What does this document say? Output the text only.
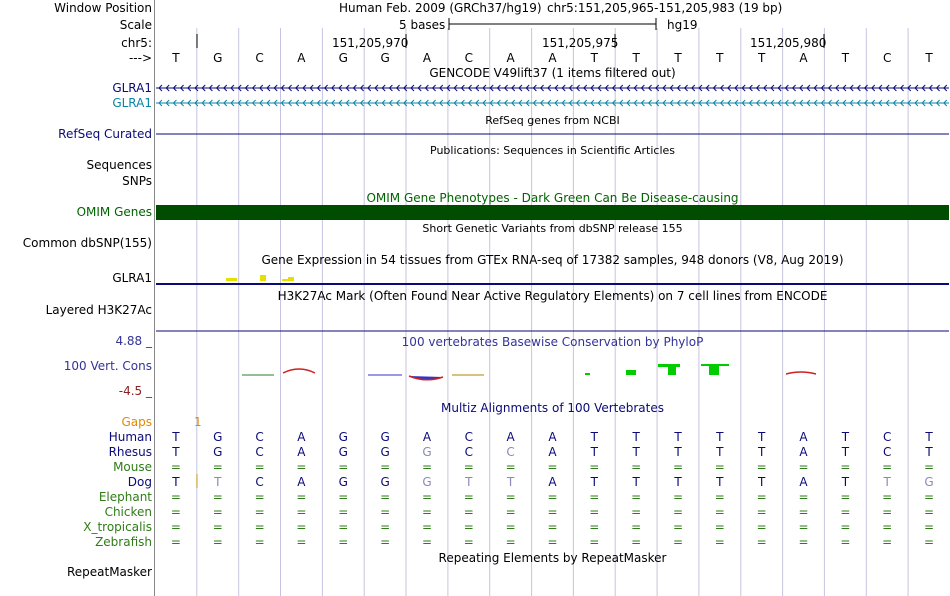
Window Position	Human Feb. 2009 (GRCh37/hg19) chr5:151,205,965-151,205,983 (19 bp)
Scale	5 bases	hg19
chr5:	151,205,970	151,205,975	151,205,980
--->	T	G	C	A	G	G	A	C	A	A	T	T	T	T	T	A	T	C	T
GENCODE V49lift37 (1 items filtered out)
GLRA1
GLRA1
RefSeq genes from NCBI
RefSeq Curated
Publications: Sequences in Scientific Articles
Sequences
SNPs
OMIM Gene Phenotypes - Dark Green Can Be Disease-causing
OMIM Genes
Short Genetic Variants from dbSNP release 155
Common dbSNP(155)
Gene Expression in 54 tissues from GTEx RNA-seq of 17382 samples, 948 donors (V8, Aug 2019)
GLRA1
H3K27Ac Mark (Often Found Near Active Regulatory Elements) on 7 cell lines from ENCODE
Layered H3K27Ac
100 vertebrates Basewise Conservation by PhyloP
4.88 _
100 Vert. Cons
-4.5 _
Multiz Alignments of 100 Vertebrates
Gaps	1
Human	T	G	C	A	G	G	A	C	A	A	T	T	T	T	T	A	T	C	T
Rhesus	T	G	C	A	G	G	G	C	C	A	T	T	T	T	T	A	T	C	T
Mouse	=	=	=	=	=	=	=	=	=	=	=	=	=	=	=	=	=	=	=
Dog	T	T	C	A	G	G	G	T	T	A	T	T	T	T	T	A	T	T	G
Elephant	=	=	=	=	=	=	=	=	=	=	=	=	=	=	=	=	=	=	=
Chicken	=	=	=	=	=	=	=	=	=	=	=	=	=	=	=	=	=	=	=
X_tropicalis	=	=	=	=	=	=	=	=	=	=	=	=	=	=	=	=	=	=	=
Zebrafish	=	=	=	=	=	=	=	=	=	=	=	=	=	=	=	=	=	=	=
Repeating Elements by RepeatMasker
RepeatMasker
